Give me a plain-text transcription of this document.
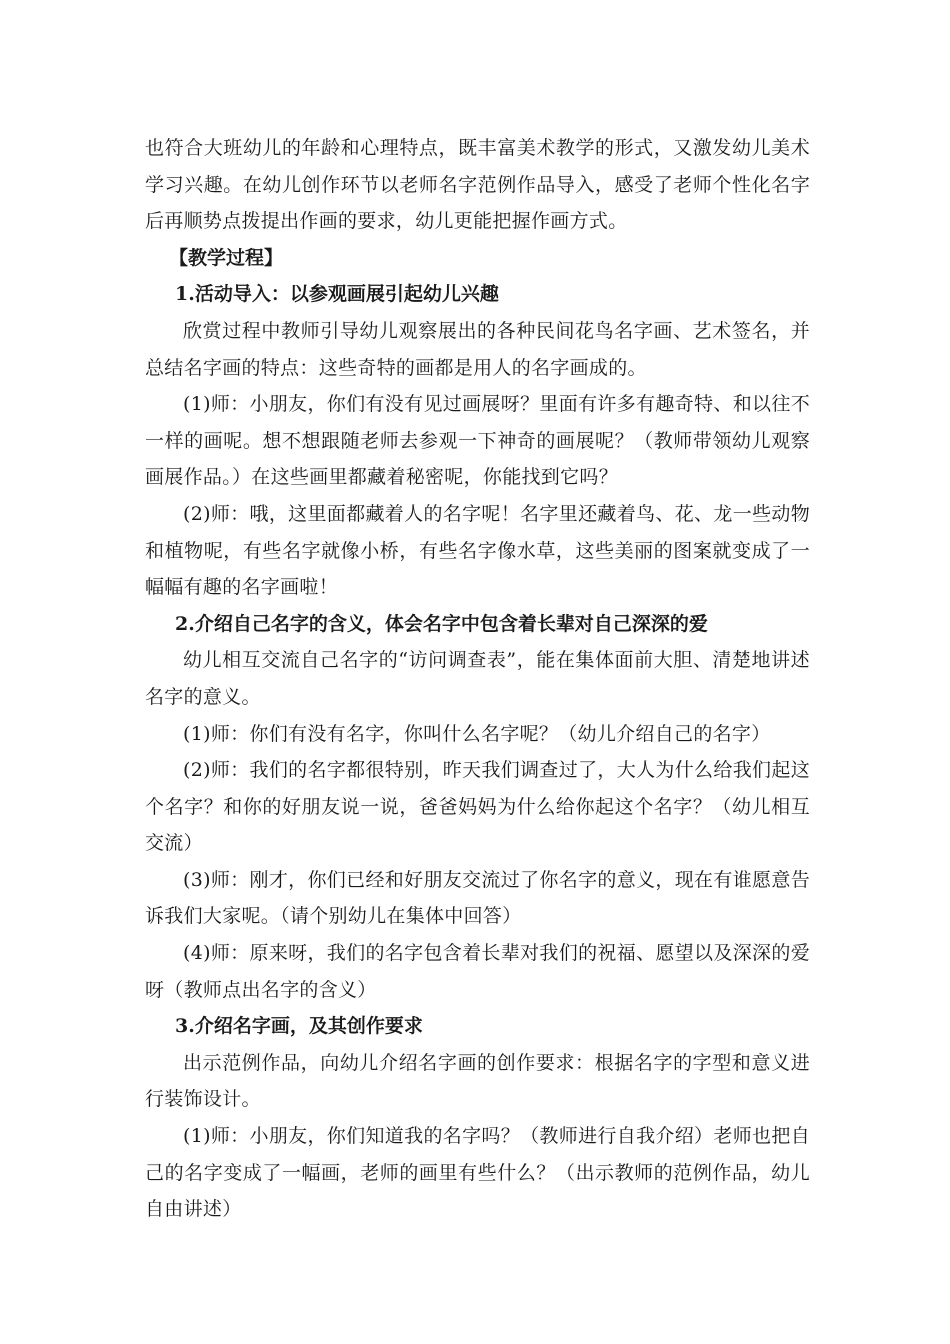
也符合大班幼儿的年龄和心理特点，既丰富美术教学的形式，又激发幼儿美术学习兴趣。在幼儿创作环节以老师名字范例作品导入，感受了老师个性化名字后再顺势点拨提出作画的要求，幼儿更能把握作画方式。

【教学过程】

1.活动导入：以参观画展引起幼儿兴趣

欣赏过程中教师引导幼儿观察展出的各种民间花鸟名字画、艺术签名，并总结名字画的特点：这些奇特的画都是用人的名字画成的。

(1)师：小朋友，你们有没有见过画展呀？里面有许多有趣奇特、和以往不一样的画呢。想不想跟随老师去参观一下神奇的画展呢？（教师带领幼儿观察画展作品。）在这些画里都藏着秘密呢，你能找到它吗？

(2)师：哦，这里面都藏着人的名字呢！名字里还藏着鸟、花、龙一些动物和植物呢，有些名字就像小桥，有些名字像水草，这些美丽的图案就变成了一幅幅有趣的名字画啦！

2.介绍自己名字的含义，体会名字中包含着长辈对自己深深的爱

幼儿相互交流自己名字的“访问调查表”，能在集体面前大胆、清楚地讲述名字的意义。

(1)师：你们有没有名字，你叫什么名字呢？（幼儿介绍自己的名字）

(2)师：我们的名字都很特别，昨天我们调查过了，大人为什么给我们起这个名字？和你的好朋友说一说，爸爸妈妈为什么给你起这个名字？（幼儿相互交流）

(3)师：刚才，你们已经和好朋友交流过了你名字的意义，现在有谁愿意告诉我们大家呢。（请个别幼儿在集体中回答）

(4)师：原来呀，我们的名字包含着长辈对我们的祝福、愿望以及深深的爱呀（教师点出名字的含义）

3.介绍名字画，及其创作要求

出示范例作品，向幼儿介绍名字画的创作要求：根据名字的字型和意义进行装饰设计。

(1)师：小朋友，你们知道我的名字吗？（教师进行自我介绍）老师也把自己的名字变成了一幅画，老师的画里有些什么？（出示教师的范例作品，幼儿自由讲述）
